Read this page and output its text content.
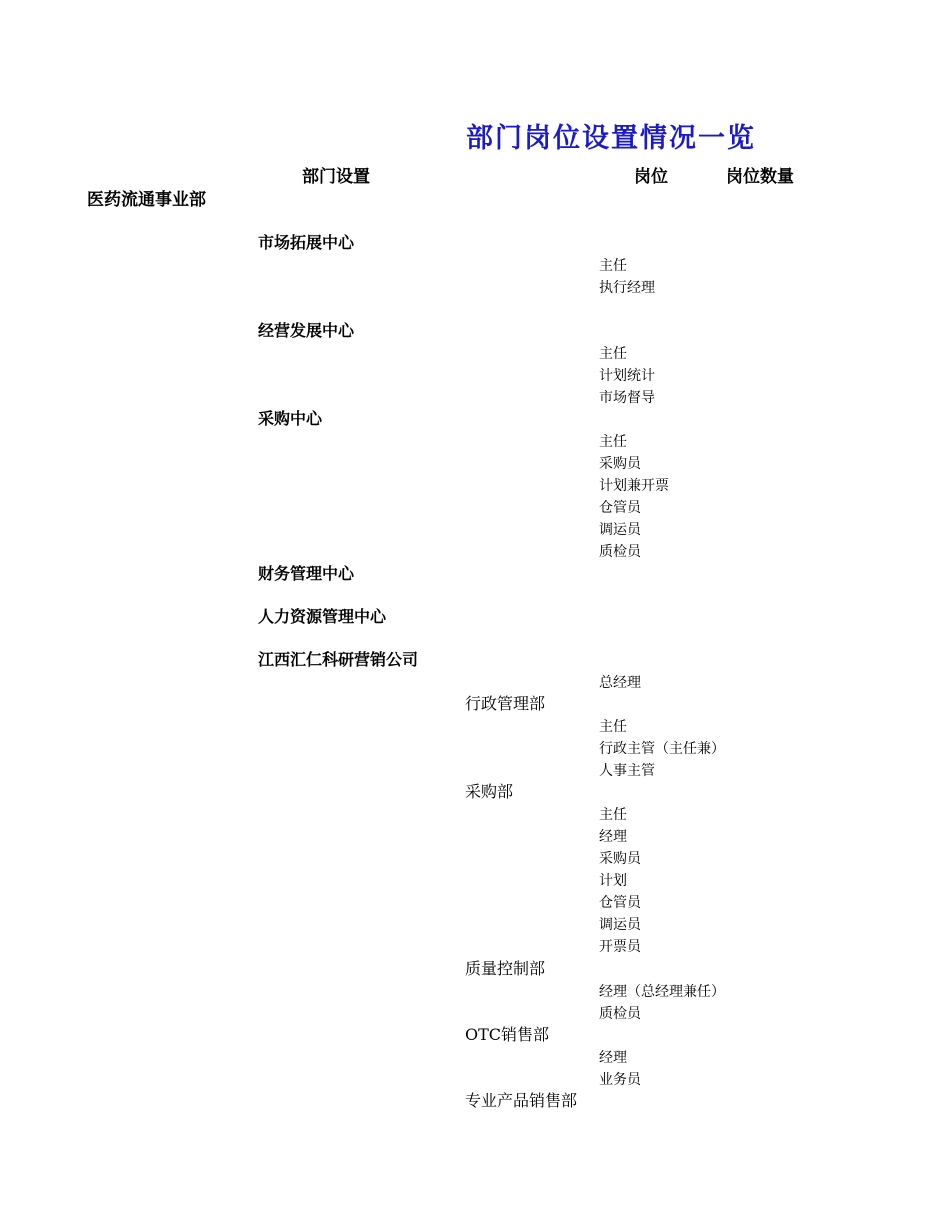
部门岗位设置情况一览
部门设置	岗位	岗位数量
医药流通事业部
市场拓展中心
主任
执行经理
经营发展中心
主任
计划统计
市场督导
采购中心
主任
采购员
计划兼开票
仓管员
调运员
质检员
财务管理中心
人力资源管理中心
江西汇仁科研营销公司
总经理
行政管理部
主任
行政主管（主任兼）
人事主管
采购部
主任
经理
采购员
计划
仓管员
调运员
开票员
质量控制部
经理（总经理兼任）
质检员
OTC销售部
经理
业务员
专业产品销售部
